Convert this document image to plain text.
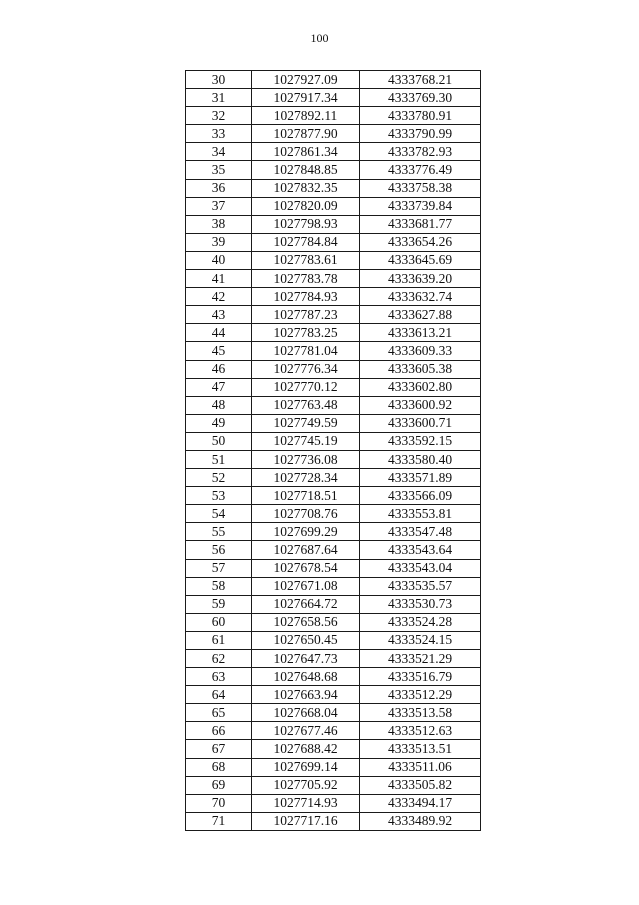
100
30	1027927.09	4333768.21
31	1027917.34	4333769.30
32	1027892.11	4333780.91
33	1027877.90	4333790.99
34	1027861.34	4333782.93
35	1027848.85	4333776.49
36	1027832.35	4333758.38
37	1027820.09	4333739.84
38	1027798.93	4333681.77
39	1027784.84	4333654.26
40	1027783.61	4333645.69
41	1027783.78	4333639.20
42	1027784.93	4333632.74
43	1027787.23	4333627.88
44	1027783.25	4333613.21
45	1027781.04	4333609.33
46	1027776.34	4333605.38
47	1027770.12	4333602.80
48	1027763.48	4333600.92
49	1027749.59	4333600.71
50	1027745.19	4333592.15
51	1027736.08	4333580.40
52	1027728.34	4333571.89
53	1027718.51	4333566.09
54	1027708.76	4333553.81
55	1027699.29	4333547.48
56	1027687.64	4333543.64
57	1027678.54	4333543.04
58	1027671.08	4333535.57
59	1027664.72	4333530.73
60	1027658.56	4333524.28
61	1027650.45	4333524.15
62	1027647.73	4333521.29
63	1027648.68	4333516.79
64	1027663.94	4333512.29
65	1027668.04	4333513.58
66	1027677.46	4333512.63
67	1027688.42	4333513.51
68	1027699.14	4333511.06
69	1027705.92	4333505.82
70	1027714.93	4333494.17
71	1027717.16	4333489.92
